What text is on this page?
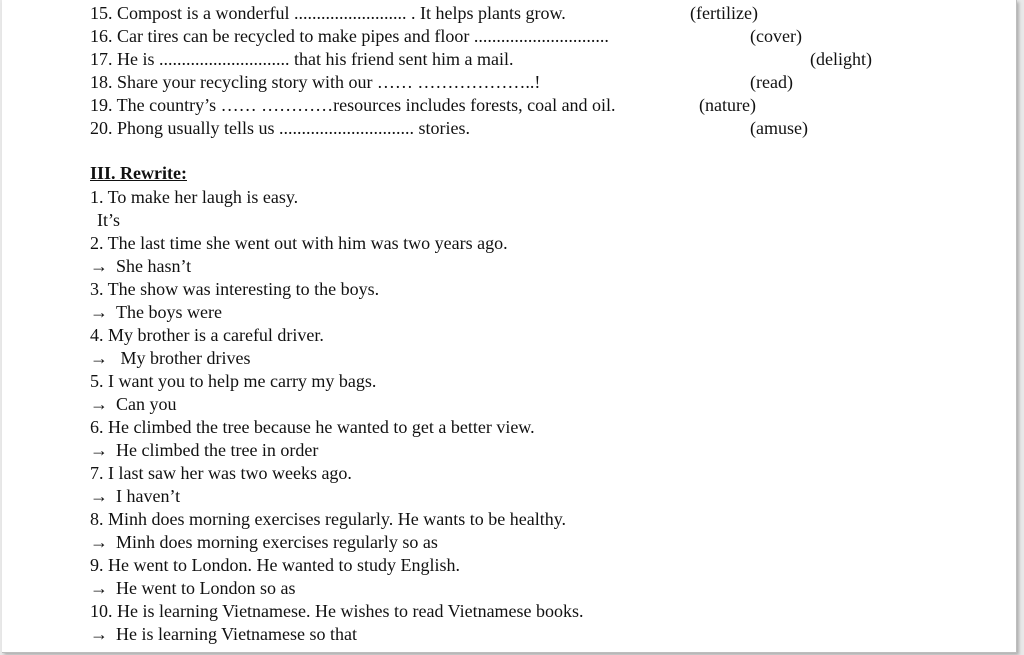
15. Compost is a wonderful ......................... . It helps plants grow.	(fertilize)
16. Car tires can be recycled to make pipes and floor ..............................	(cover)
17. He is ............................. that his friend sent him a mail.	(delight)
18. Share your recycling story with our …… ………………..!	(read)
19. The country’s …… …………resources includes forests, coal and oil.	(nature)
20. Phong usually tells us .............................. stories.	(amuse)
III. Rewrite:
1. To make her laugh is easy.
It’s
2. The last time she went out with him was two years ago.
→ She hasn’t
3. The show was interesting to the boys.
→ The boys were
4. My brother is a careful driver.
→ My brother drives
5. I want you to help me carry my bags.
→ Can you
6. He climbed the tree because he wanted to get a better view.
→ He climbed the tree in order
7. I last saw her was two weeks ago.
→ I haven’t
8. Minh does morning exercises regularly. He wants to be healthy.
→ Minh does morning exercises regularly so as
9. He went to London. He wanted to study English.
→ He went to London so as
10. He is learning Vietnamese. He wishes to read Vietnamese books.
→ He is learning Vietnamese so that
